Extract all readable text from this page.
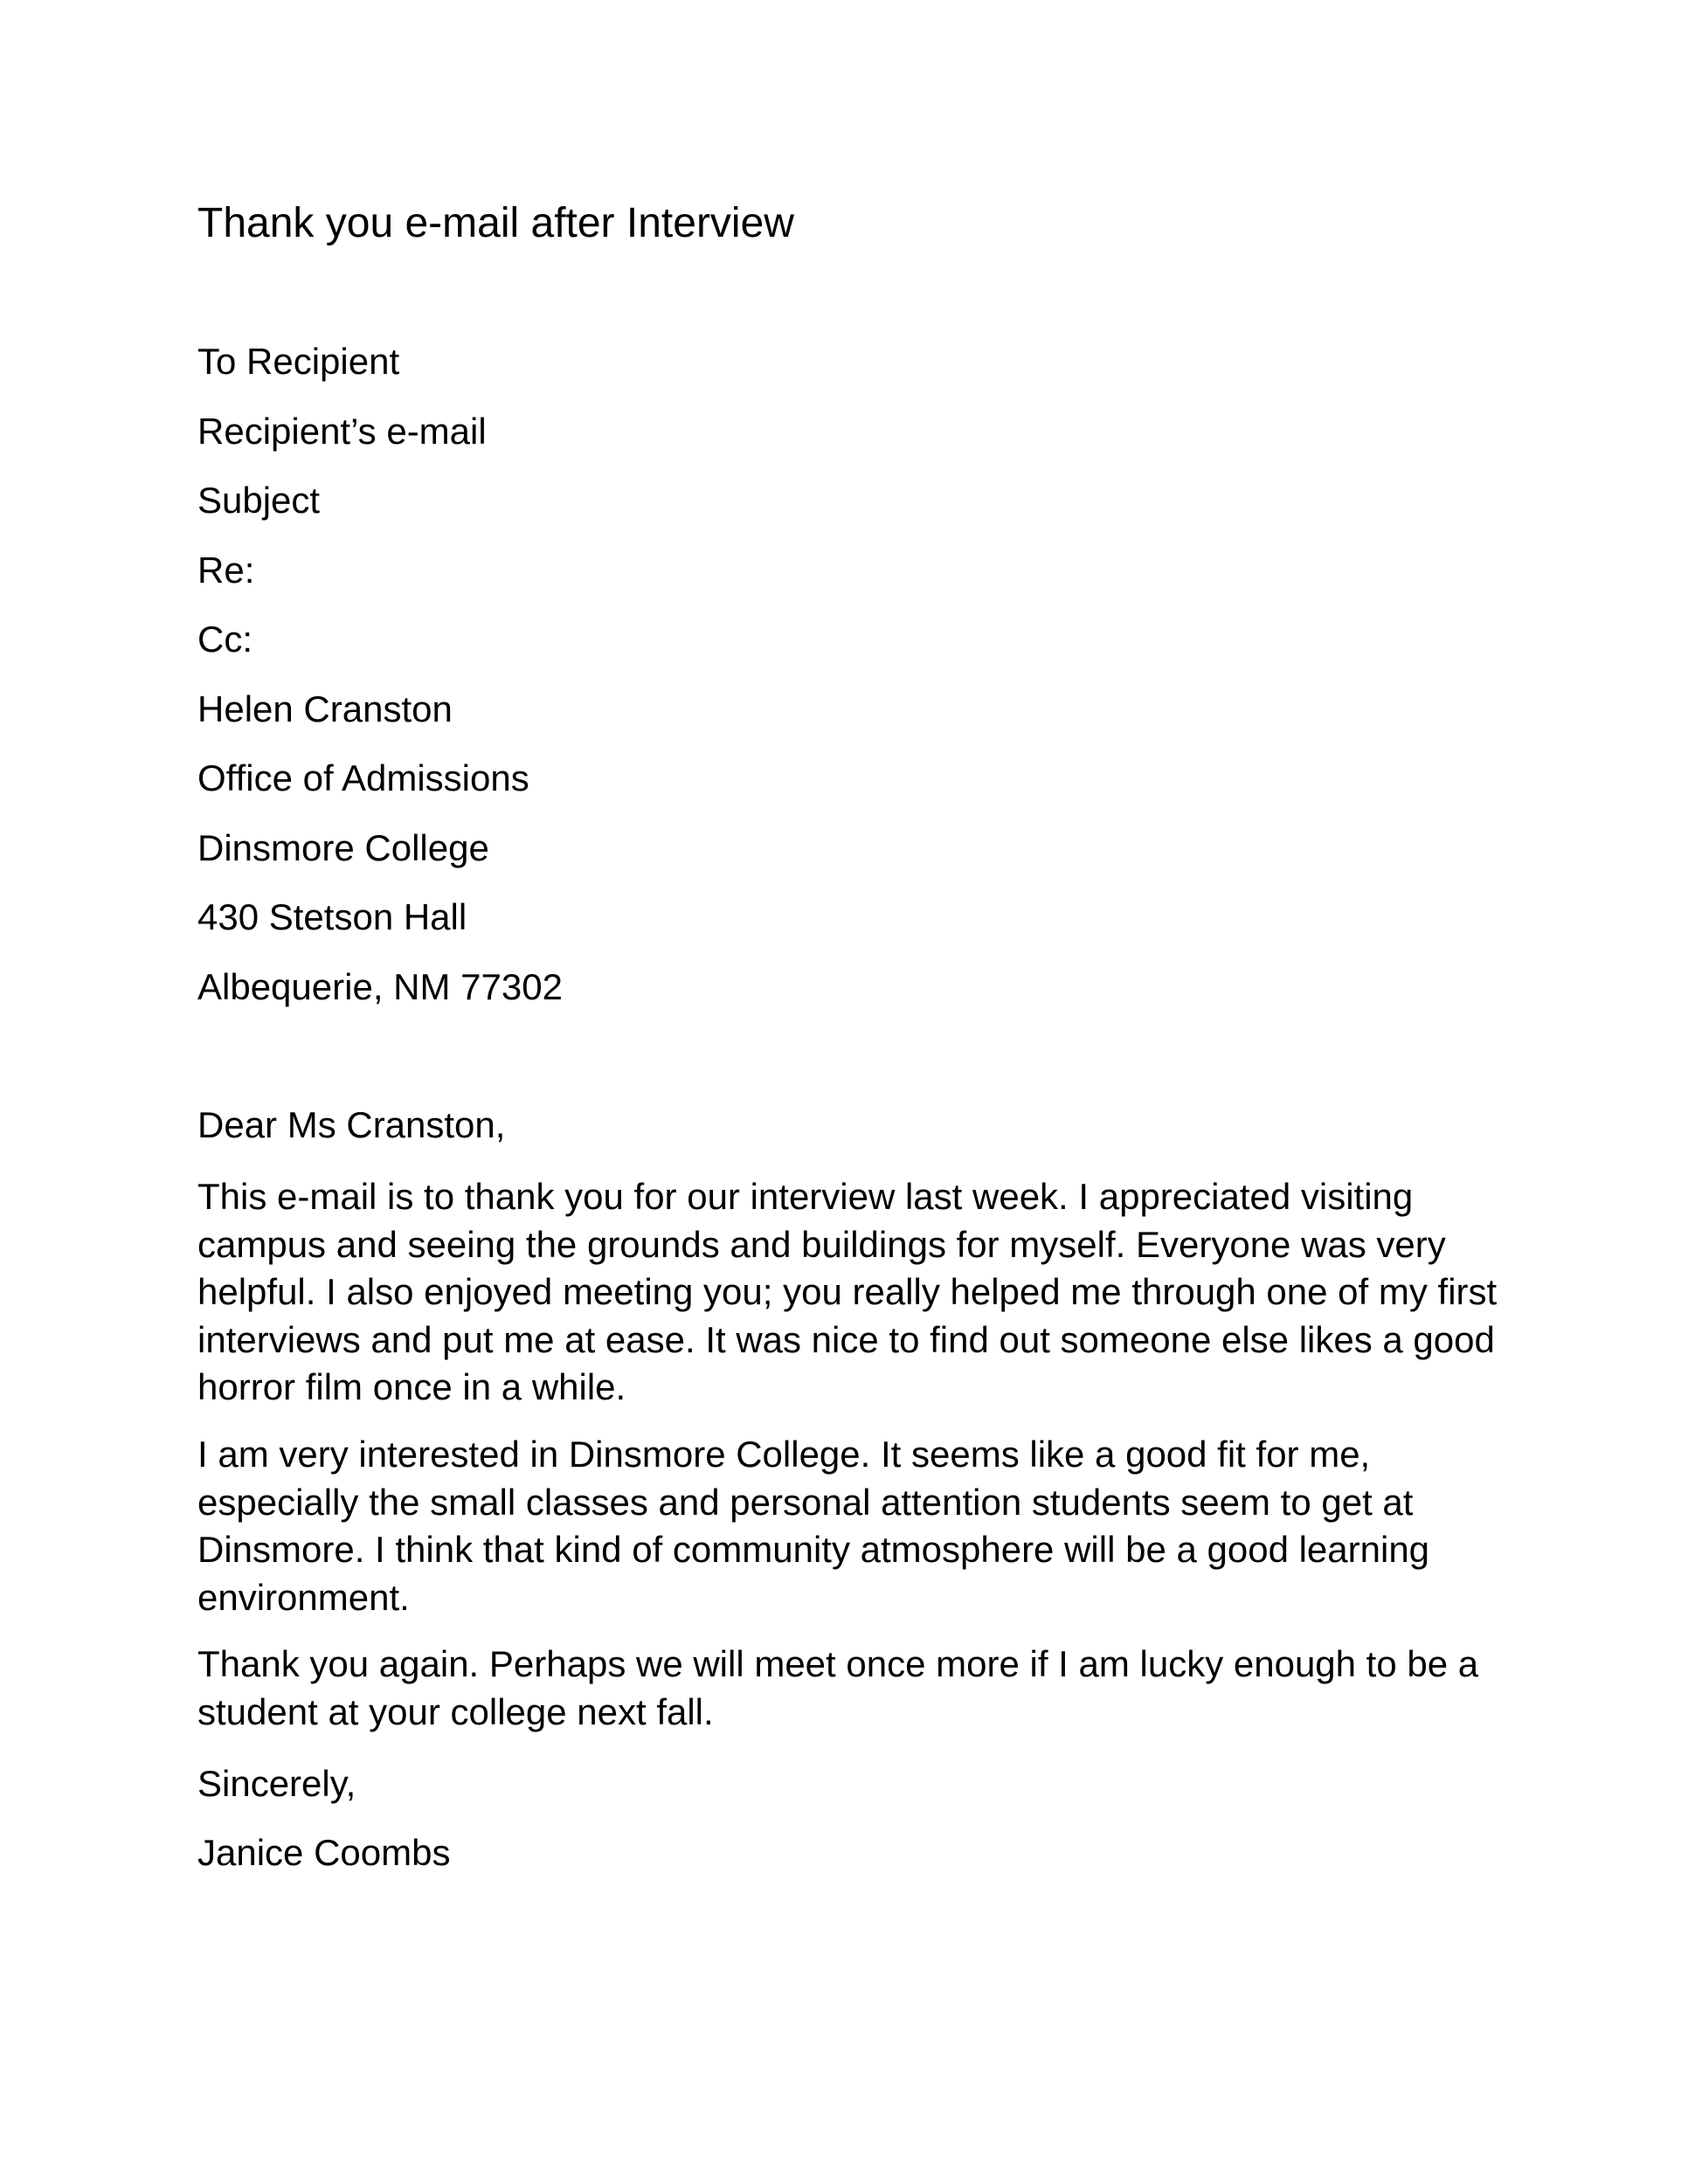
Thank you e-mail after Interview
To Recipient
Recipient’s e-mail
Subject
Re:
Cc:
Helen Cranston
Office of Admissions
Dinsmore College
430 Stetson Hall
Albequerie, NM 77302
Dear Ms Cranston,

This e-mail is to thank you for our interview last week. I appreciated visiting campus and seeing the grounds and buildings for myself. Everyone was very helpful. I also enjoyed meeting you; you really helped me through one of my first interviews and put me at ease. It was nice to find out someone else likes a good horror film once in a while.

I am very interested in Dinsmore College. It seems like a good fit for me, especially the small classes and personal attention students seem to get at Dinsmore. I think that kind of community atmosphere will be a good learning environment.

Thank you again. Perhaps we will meet once more if I am lucky enough to be a student at your college next fall.

Sincerely,
Janice Coombs
